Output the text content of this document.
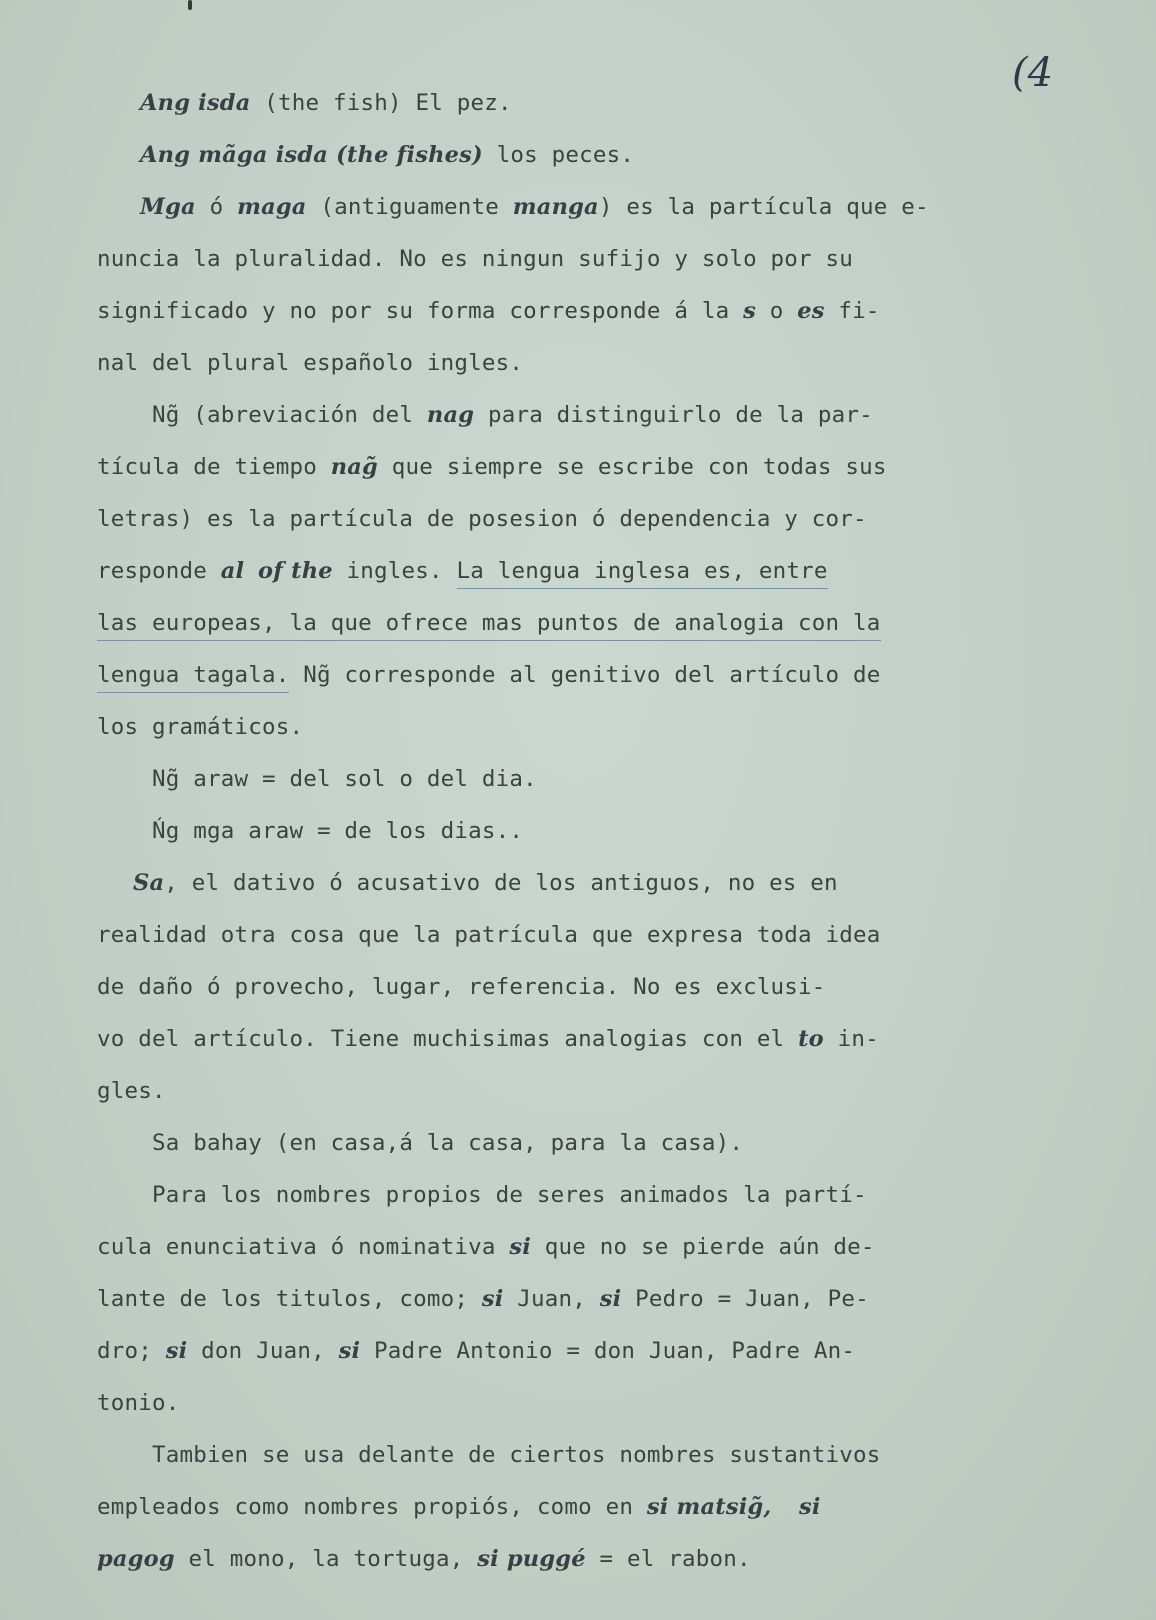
(4
Ang isda (the fish) El pez.
Ang mãga isda (the fishes) los peces.
Mga ó maga (antiguamente manga) es la partícula que e-
nuncia la pluralidad. No es ningun sufijo y solo por su
significado y no por su forma corresponde á la s o es fi-
nal del plural españolo ingles.
Ng̃ (abreviación del nag para distinguirlo de la par-
tícula de tiempo nag̃ que siempre se escribe con todas sus
letras) es la partícula de posesion ó dependencia y cor-
responde al of the ingles. La lengua inglesa es, entre
las europeas, la que ofrece mas puntos de analogia con la
lengua tagala. Ng̃ corresponde al genitivo del artículo de
los gramáticos.
Ng̃ araw = del sol o del dia.
Ńg mga araw = de los dias..
Sa, el dativo ó acusativo de los antiguos, no es en
realidad otra cosa que la patrícula que expresa toda idea
de daño ó provecho, lugar, referencia. No es exclusi-
vo del artículo. Tiene muchisimas analogias con el to in-
gles.
Sa bahay (en casa,á la casa, para la casa).
Para los nombres propios de seres animados la partí-
cula enunciativa ó nominativa si que no se pierde aún de-
lante de los titulos, como; si Juan, si Pedro = Juan, Pe-
dro; si don Juan, si Padre Antonio = don Juan, Padre An-
tonio.
Tambien se usa delante de ciertos nombres sustantivos
empleados como nombres propiós, como en si matsig̃, si
pagog el mono, la tortuga, si puggé = el rabon.
